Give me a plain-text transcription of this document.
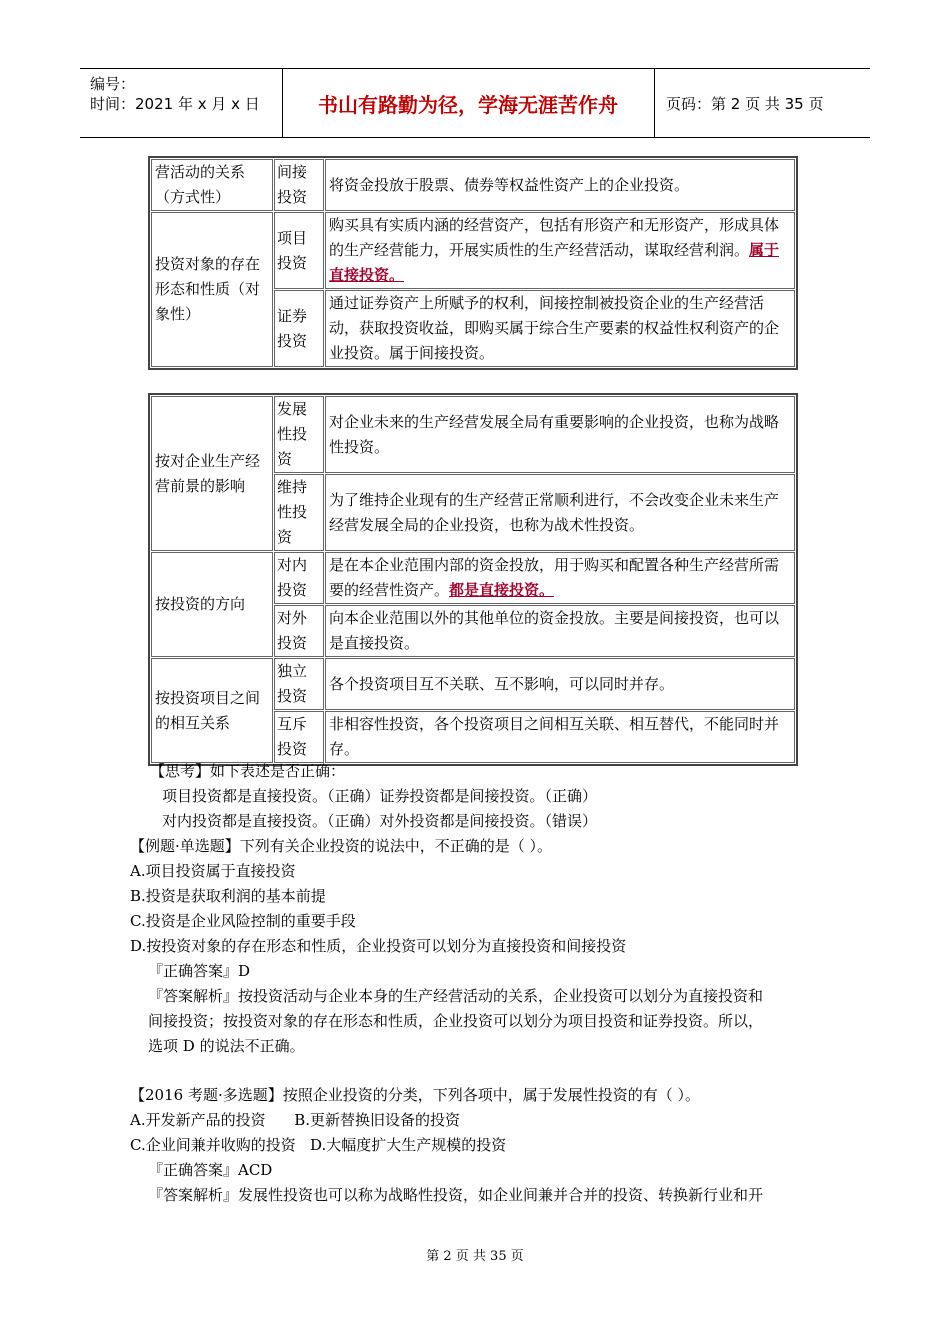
编号：
时间：2021 年 x 月 x 日	书山有路勤为径，学海无涯苦作舟	页码：第 2 页 共 35 页
营活动的关系（方式性）	间接投资	将资金投放于股票、债券等权益性资产上的企业投资。
投资对象的存在形态和性质（对象性）	项目投资	购买具有实质内涵的经营资产，包括有形资产和无形资产，形成具体的生产经营能力，开展实质性的生产经营活动，谋取经营利润。属于直接投资。
	证券投资	通过证券资产上所赋予的权利，间接控制被投资企业的生产经营活动，获取投资收益，即购买属于综合生产要素的权益性权利资产的企业投资。属于间接投资。
按对企业生产经营前景的影响	发展性投资	对企业未来的生产经营发展全局有重要影响的企业投资，也称为战略性投资。
	维持性投资	为了维持企业现有的生产经营正常顺利进行，不会改变企业未来生产经营发展全局的企业投资，也称为战术性投资。
按投资的方向	对内投资	是在本企业范围内部的资金投放，用于购买和配置各种生产经营所需要的经营性资产。都是直接投资。
	对外投资	向本企业范围以外的其他单位的资金投放。主要是间接投资，也可以是直接投资。
按投资项目之间的相互关系	独立投资	各个投资项目互不关联、互不影响，可以同时并存。
	互斥投资	非相容性投资，各个投资项目之间相互关联、相互替代，不能同时并存。
【思考】如下表述是否正确：
项目投资都是直接投资。（正确）证券投资都是间接投资。（正确）
对内投资都是直接投资。（正确）对外投资都是间接投资。（错误）
【例题·单选题】下列有关企业投资的说法中，不正确的是（ ）。
A.项目投资属于直接投资
B.投资是获取利润的基本前提
C.投资是企业风险控制的重要手段
D.按投资对象的存在形态和性质，企业投资可以划分为直接投资和间接投资
『正确答案』D
『答案解析』按投资活动与企业本身的生产经营活动的关系，企业投资可以划分为直接投资和
间接投资；按投资对象的存在形态和性质，企业投资可以划分为项目投资和证券投资。所以，
选项 D 的说法不正确。
【2016 考题·多选题】按照企业投资的分类，下列各项中，属于发展性投资的有（ ）。
A.开发新产品的投资      B.更新替换旧设备的投资
C.企业间兼并收购的投资   D.大幅度扩大生产规模的投资
『正确答案』ACD
『答案解析』发展性投资也可以称为战略性投资，如企业间兼并合并的投资、转换新行业和开
第 2 页 共 35 页
